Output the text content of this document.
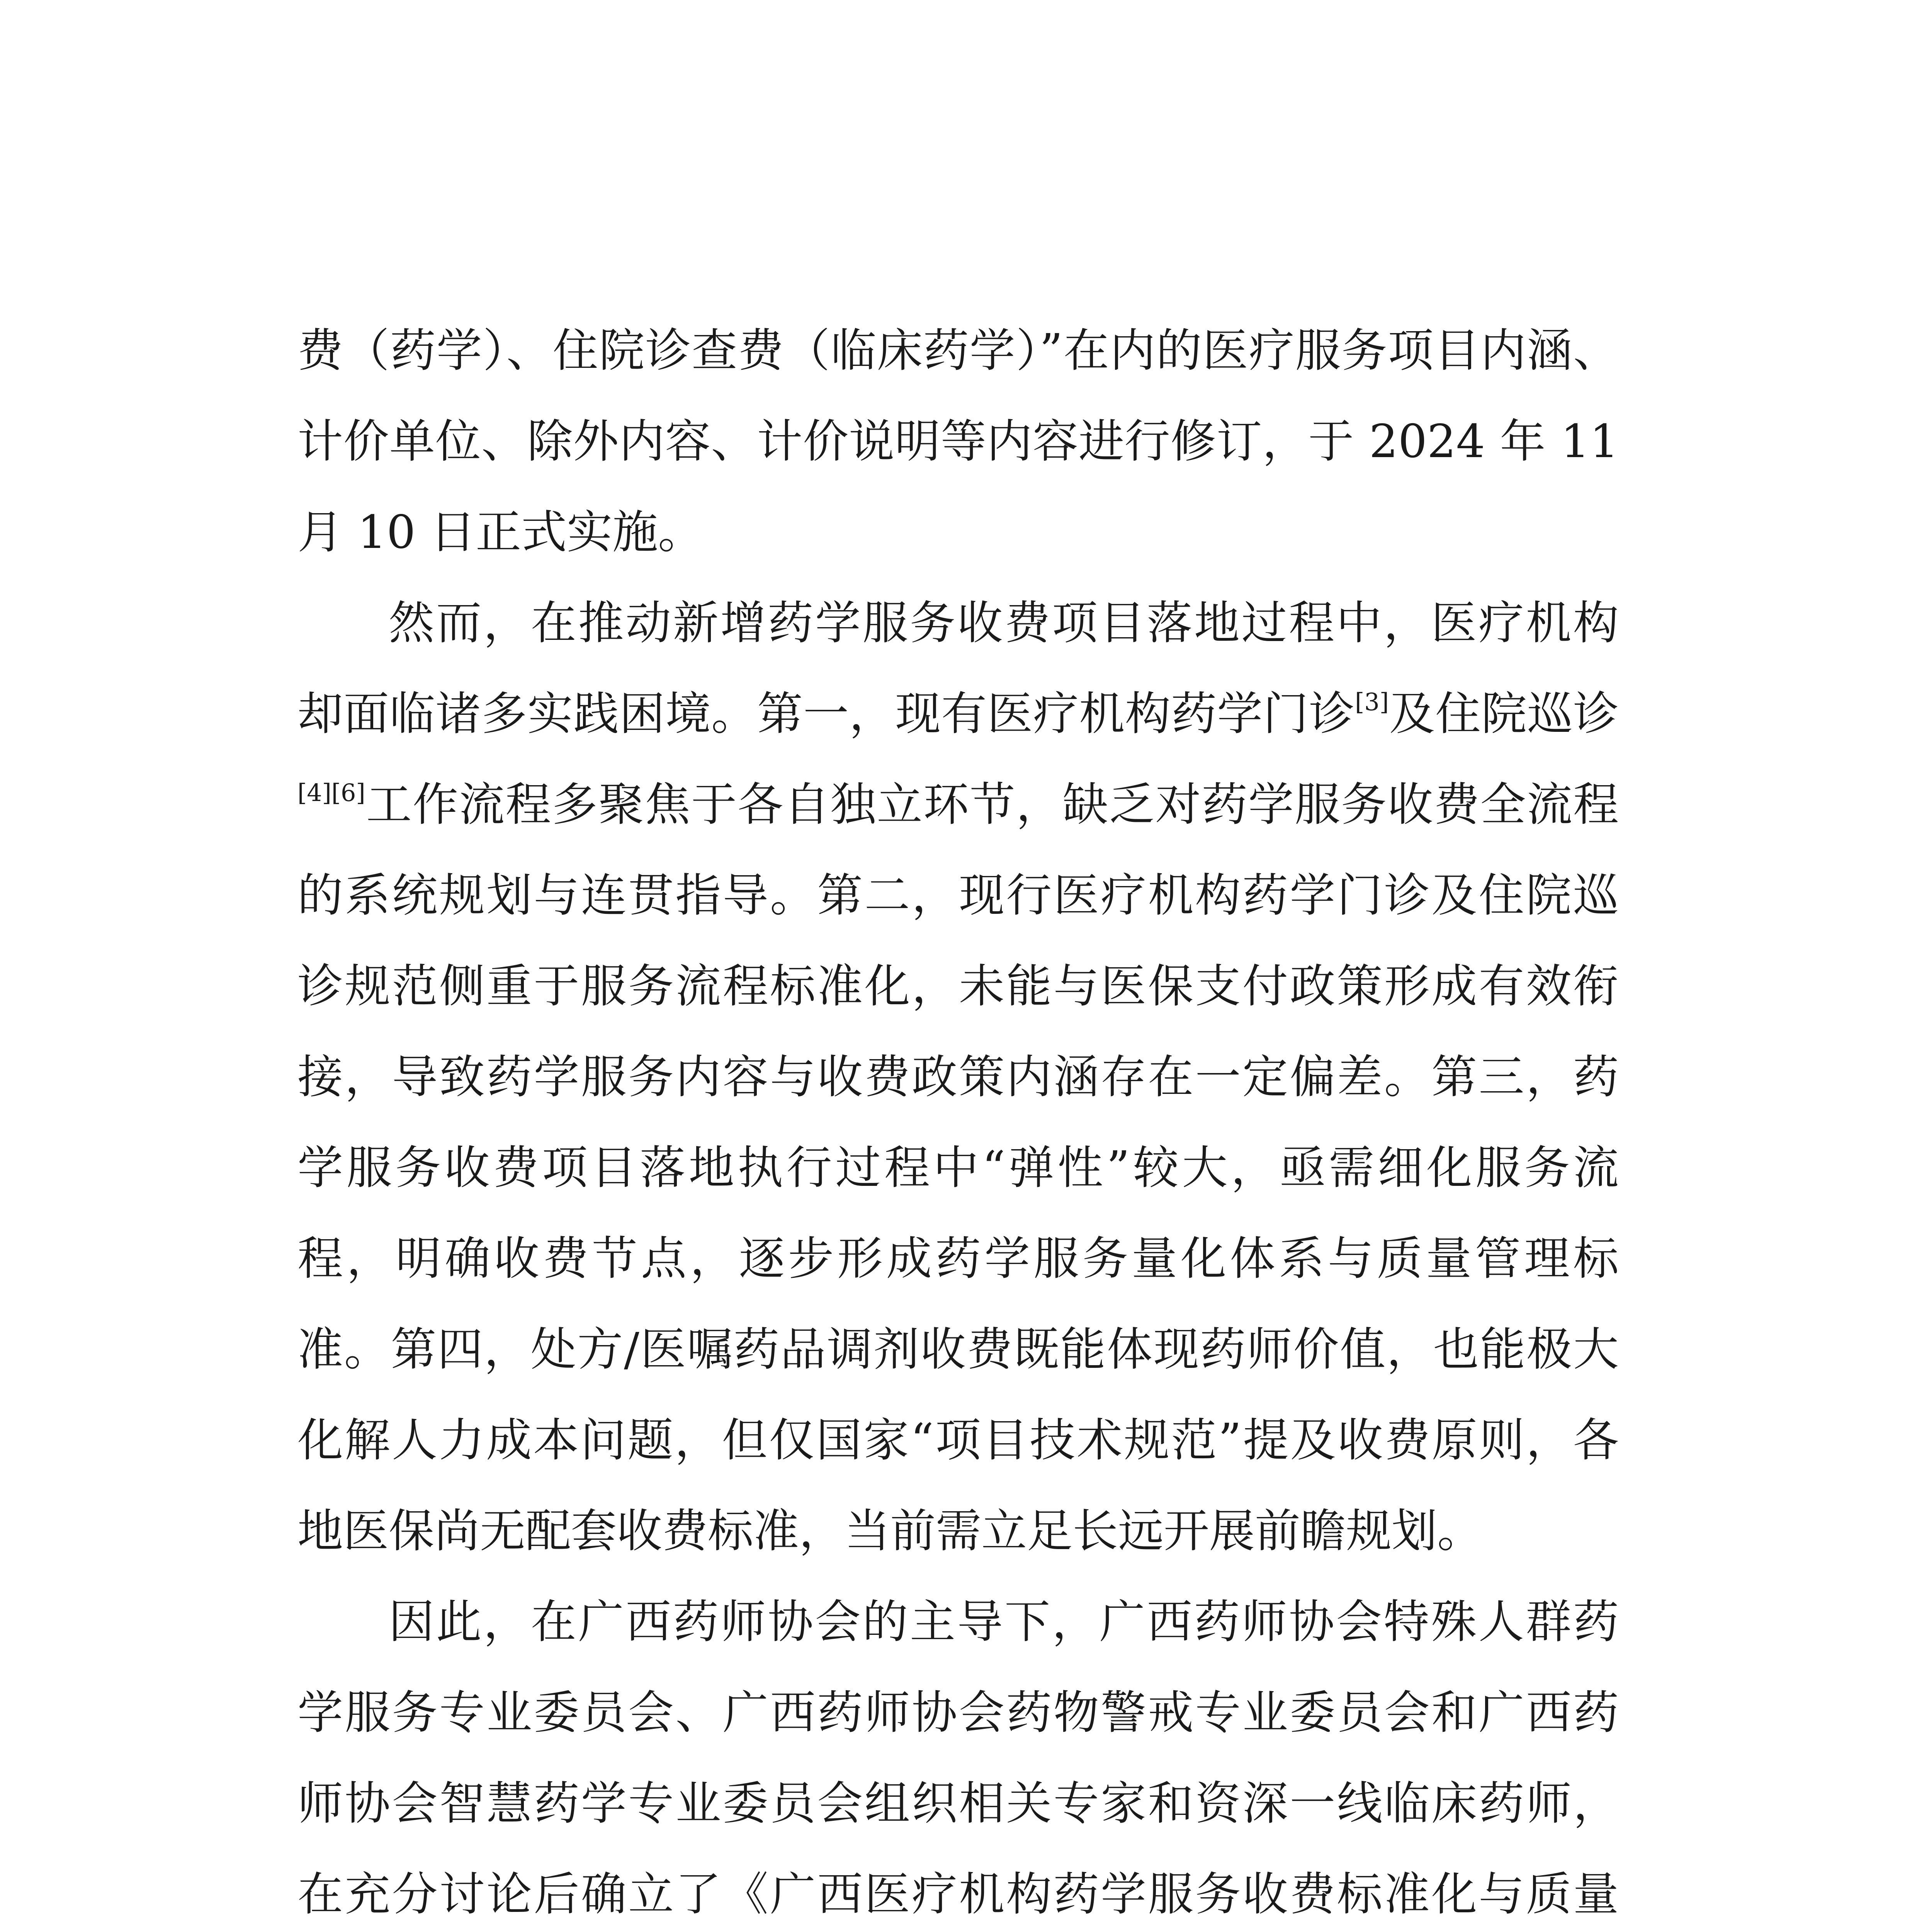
费（药学）、住院诊查费（临床药学）”在内的医疗服务项目内涵、计价单位、除外内容、计价说明等内容进行修订，于 2024 年 11 月 10 日正式实施。

然而，在推动新增药学服务收费项目落地过程中，医疗机构却面临诸多实践困境。第一，现有医疗机构药学门诊[3]及住院巡诊[4][6]工作流程多聚焦于各自独立环节，缺乏对药学服务收费全流程的系统规划与连贯指导。第二，现行医疗机构药学门诊及住院巡诊规范侧重于服务流程标准化，未能与医保支付政策形成有效衔接，导致药学服务内容与收费政策内涵存在一定偏差。第三，药学服务收费项目落地执行过程中“弹性”较大，亟需细化服务流程，明确收费节点，逐步形成药学服务量化体系与质量管理标准。第四，处方/医嘱药品调剂收费既能体现药师价值，也能极大化解人力成本问题，但仅国家“项目技术规范”提及收费原则，各地医保尚无配套收费标准，当前需立足长远开展前瞻规划。

因此，在广西药师协会的主导下，广西药师协会特殊人群药学服务专业委员会、广西药师协会药物警戒专业委员会和广西药师协会智慧药学专业委员会组织相关专家和资深一线临床药师，在充分讨论后确立了《广西医疗机构药学服务收费标准化与质量
